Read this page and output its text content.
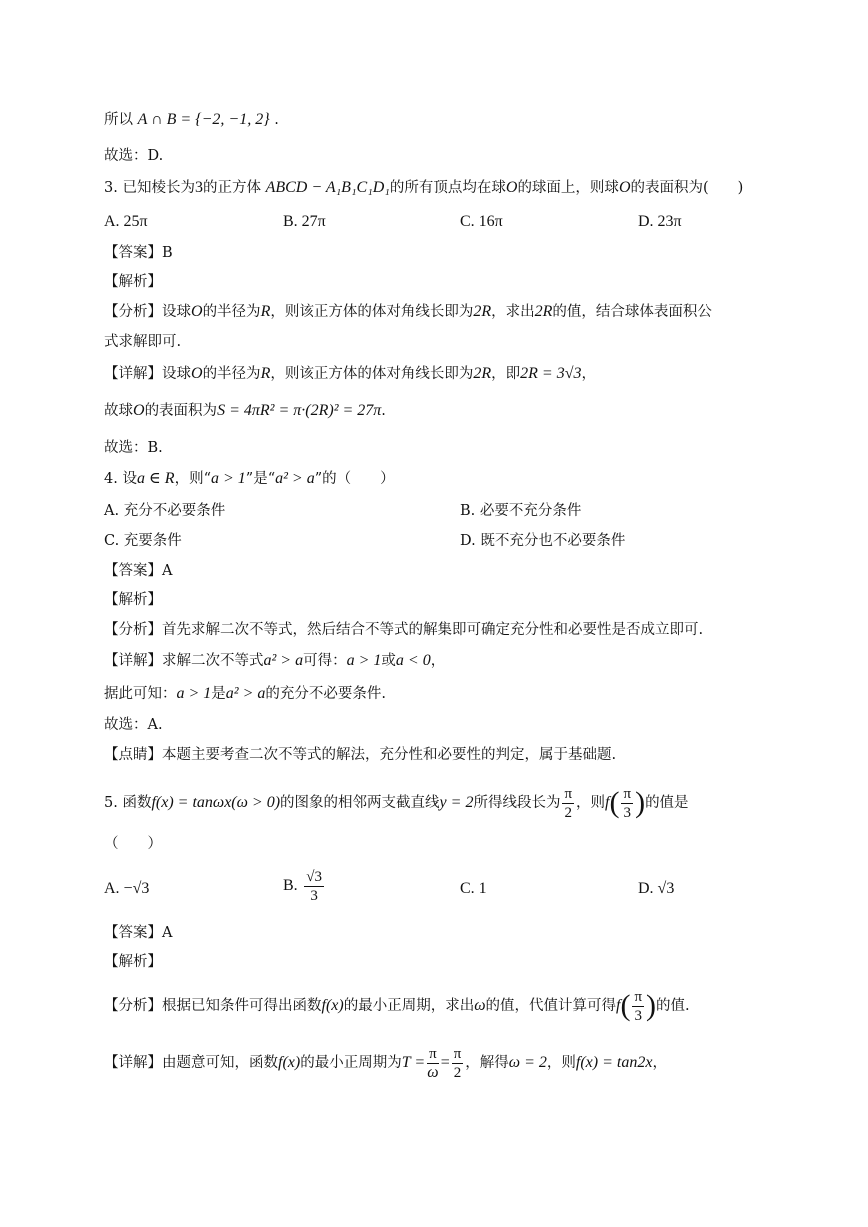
所以 A ∩ B = {−2, −1, 2} .
故选：D.
3. 已知棱长为3的正方体 ABCD − A₁B₁C₁D₁的所有顶点均在球O的球面上，则球O的表面积为(　　)
A. 25π	B. 27π	C. 16π	D. 23π
【答案】B
【解析】
【分析】设球O的半径为R，则该正方体的体对角线长即为2R，求出2R的值，结合球体表面积公
式求解即可.
【详解】设球O的半径为R，则该正方体的体对角线长即为2R，即2R = 3√3，
故球O的表面积为S = 4πR² = π·(2R)² = 27π.
故选：B.
4. 设a ∈ R，则“a > 1”是“a² > a”的（　　）
A. 充分不必要条件	B. 必要不充分条件
C. 充要条件	D. 既不充分也不必要条件
【答案】A
【解析】
【分析】首先求解二次不等式，然后结合不等式的解集即可确定充分性和必要性是否成立即可.
【详解】求解二次不等式a² > a可得：a > 1或a < 0，
据此可知：a > 1是a² > a的充分不必要条件.
故选：A.
【点睛】本题主要考查二次不等式的解法，充分性和必要性的判定，属于基础题.
5. 函数f(x) = tanωx(ω > 0)的图象的相邻两支截直线y = 2所得线段长为 $\frac{\pi}{2}$ ，则$f( \frac{\pi}{3}$ )的值是
（　　）
A. −√3	B. $\frac{√3}{3}$	C. 1	D. √3
【答案】A
【解析】
【分析】根据已知条件可得出函数f(x)的最小正周期，求出ω的值，代值计算可得$f( \frac{\pi}{3}$ )的值.
【详解】由题意可知，函数f(x)的最小正周期为$T = \frac{\pi}{\omega} = \frac{\pi}{2}$ ，解得ω = 2，则f(x) = tan2x，
